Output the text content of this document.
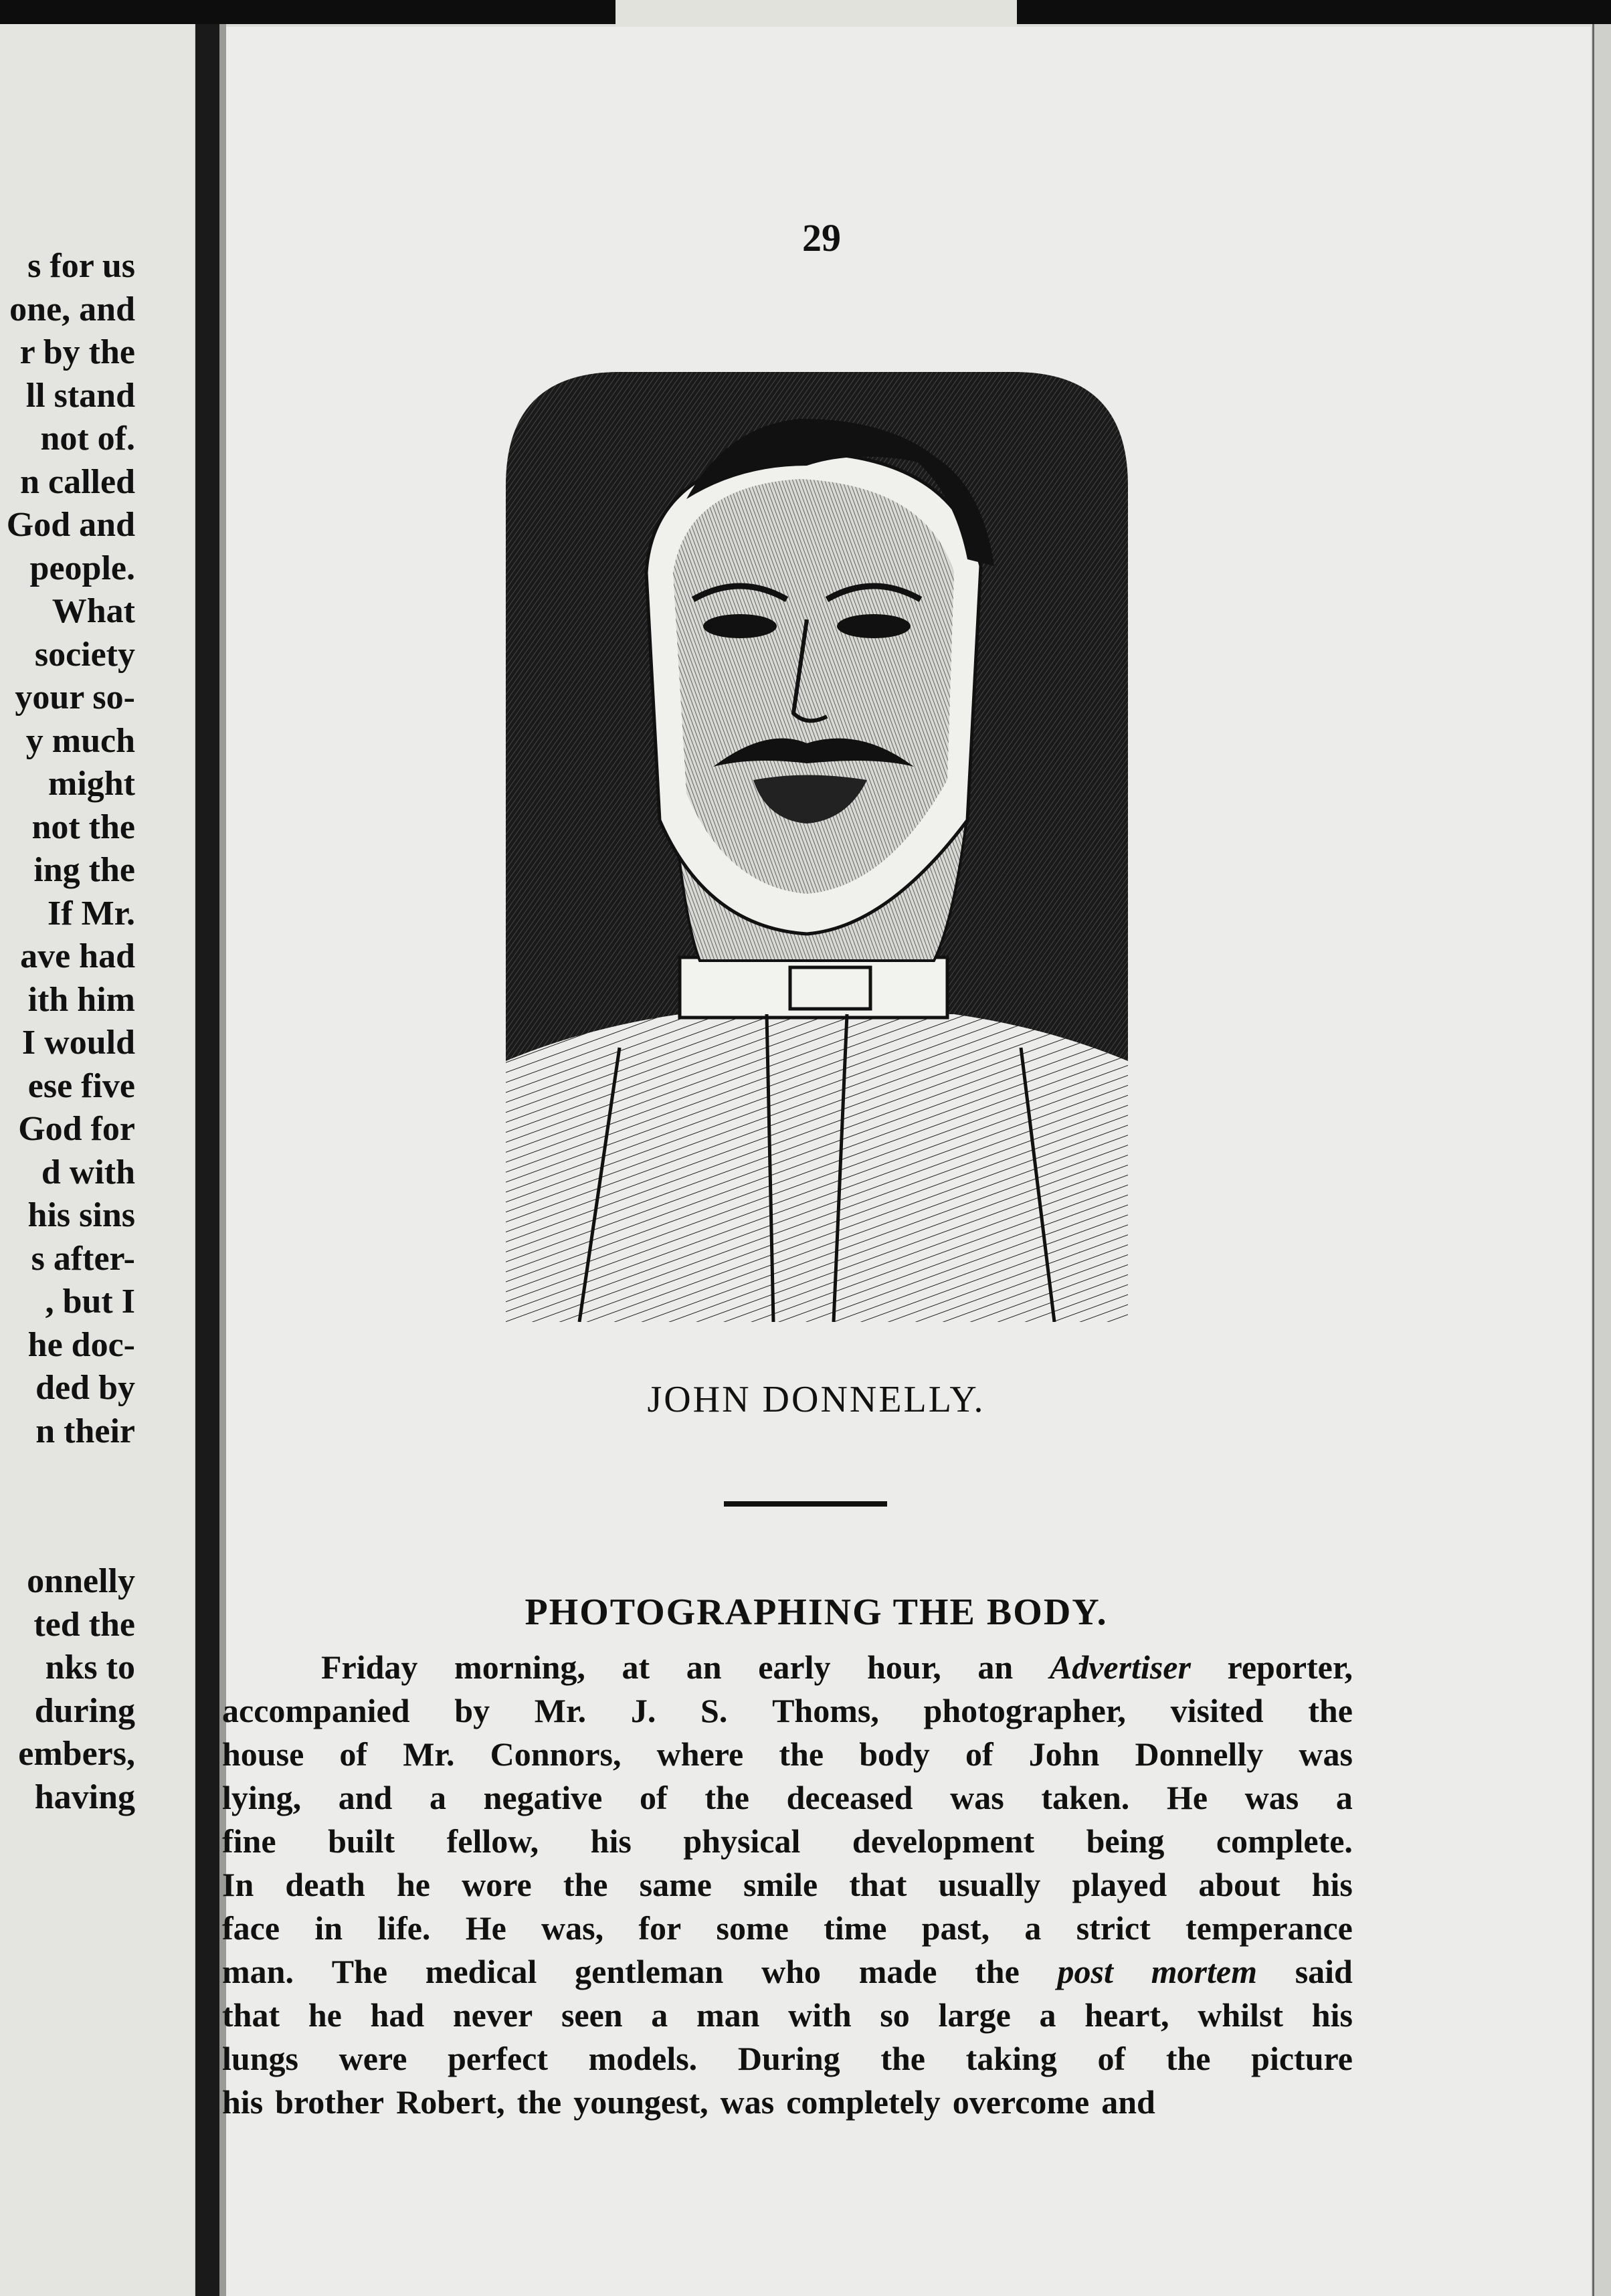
s for us
one, and
r by the
ll stand
not of.
n called
God and
people.
What
society
your so-
y much
might
not the
ing the
If Mr.
ave had
ith him
I would
ese five
God for
d with
his sins
s after-
, but I
he doc-
ded by
n their
onnelly
ted the
nks to
during
embers,
having
29
JOHN DONNELLY.
PHOTOGRAPHING THE BODY.
Friday morning, at an early hour, an Advertiser reporter,
accompanied by Mr. J. S. Thoms, photographer, visited the
house of Mr. Connors, where the body of John Donnelly was
lying, and a negative of the deceased was taken. He was a
fine built fellow, his physical development being complete.
In death he wore the same smile that usually played about his
face in life. He was, for some time past, a strict temperance
man. The medical gentleman who made the post mortem said
that he had never seen a man with so large a heart, whilst his
lungs were perfect models. During the taking of the picture
his brother Robert, the youngest, was completely overcome and
